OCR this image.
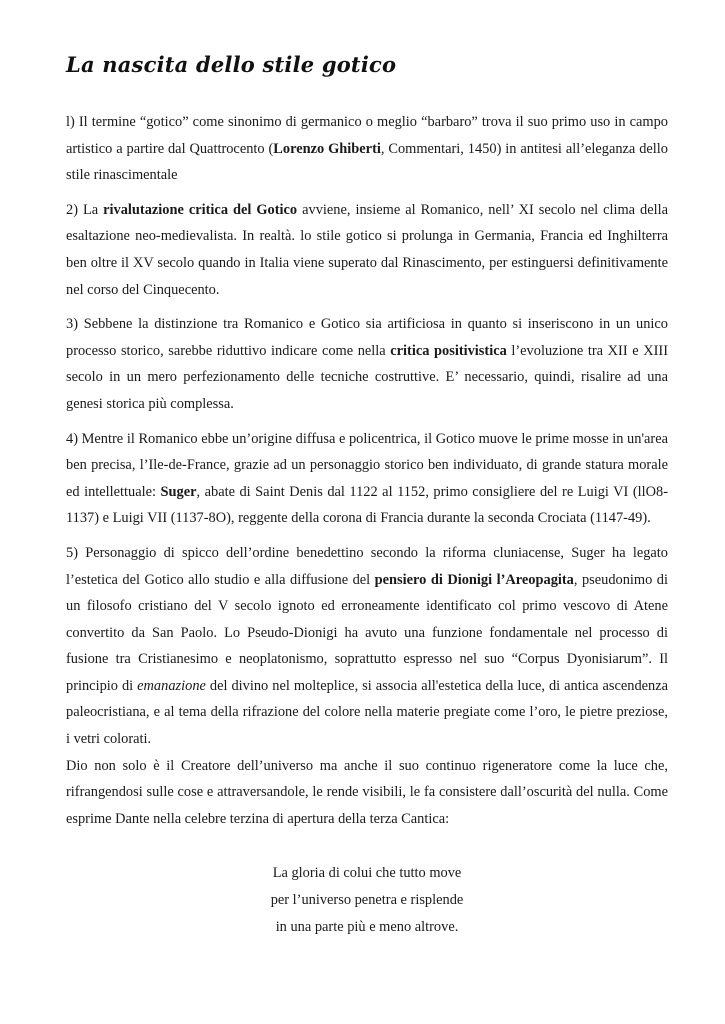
La nascita dello stile gotico

l) Il termine “gotico” come sinonimo di germanico o meglio “barbaro” trova il suo primo uso in campo artistico a partire dal Quattrocento (Lorenzo Ghiberti, Commentari, 1450) in antitesi all’eleganza dello stile rinascimentale

2) La rivalutazione critica del Gotico avviene, insieme al Romanico, nell’ XI secolo nel clima della esaltazione neo-medievalista. In realtà. lo stile gotico si prolunga in Germania, Francia ed Inghilterra ben oltre il XV secolo quando in Italia viene superato dal Rinascimento, per estinguersi definitivamente nel corso del Cinquecento.

3) Sebbene la distinzione tra Romanico e Gotico sia artificiosa in quanto si inseriscono in un unico processo storico, sarebbe riduttivo indicare come nella critica positivistica l’evoluzione tra XII e XIII secolo in un mero perfezionamento delle tecniche costruttive. E’ necessario, quindi, risalire ad una genesi storica più complessa.

4) Mentre il Romanico ebbe un’origine diffusa e policentrica, il Gotico muove le prime mosse in un'area ben precisa, l’Ile-de-France, grazie ad un personaggio storico ben individuato, di grande statura morale ed intellettuale: Suger, abate di Saint Denis dal 1122 al 1152, primo consigliere del re Luigi VI (llO8-1137) e Luigi VII (1137-8O), reggente della corona di Francia durante la seconda Crociata (1147-49).

5) Personaggio di spicco dell’ordine benedettino secondo la riforma cluniacense, Suger ha legato l’estetica del Gotico allo studio e alla diffusione del pensiero di Dionigi l’Areopagita, pseudonimo di un filosofo cristiano del V secolo ignoto ed erroneamente identificato col primo vescovo di Atene convertito da San Paolo. Lo Pseudo-Dionigi ha avuto una funzione fondamentale nel processo di fusione tra Cristianesimo e neoplatonismo, soprattutto espresso nel suo “Corpus Dyonisiarum”. Il principio di emanazione del divino nel molteplice, si associa all'estetica della luce, di antica ascendenza paleocristiana, e al tema della rifrazione del colore nella materie pregiate come l’oro, le pietre preziose, i vetri colorati.

Dio non solo è il Creatore dell’universo ma anche il suo continuo rigeneratore come la luce che, rifrangendosi sulle cose e attraversandole, le rende visibili, le fa consistere dall’oscurità del nulla. Come esprime Dante nella celebre terzina di apertura della terza Cantica:

La gloria di colui che tutto move
per l’universo penetra e risplende
in una parte più e meno altrove.
